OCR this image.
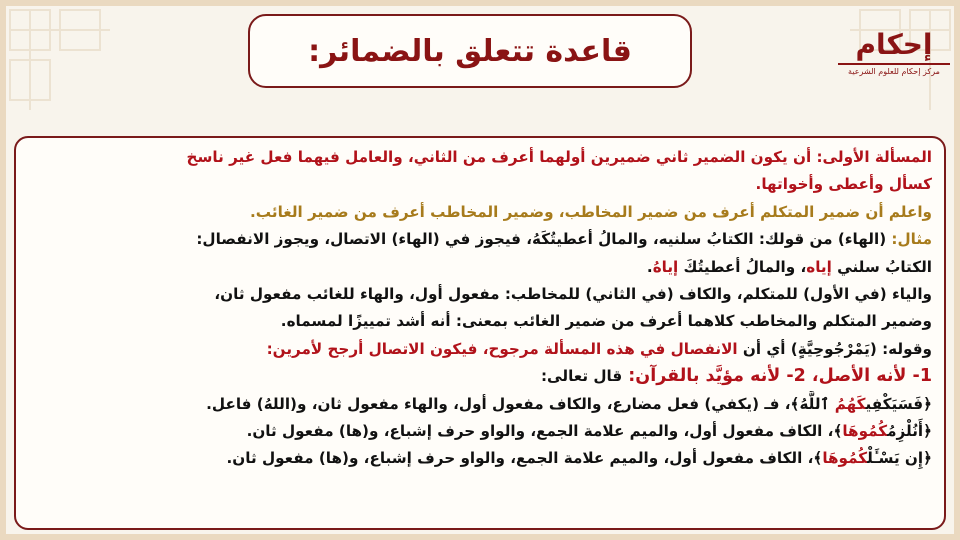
قاعدة تتعلق بالضمائر:	إحكام
مركز إحكام للعلوم الشرعية
المسألة الأولى: أن يكون الضمير ثاني ضميرين أولهما أعرف من الثاني، والعامل فيهما فعل غير ناسخ
كسأل وأعطى وأخواتها.
واعلم أن ضمير المتكلم أعرف من ضمير المخاطب، وضمير المخاطب أعرف من ضمير الغائب.
مثال: (الهاء) من قولك: الكتابُ سلنيه، والمالُ أعطيتُكَهُ، فيجوز في (الهاء) الاتصال، ويجوز الانفصال:
الكتابُ سلني إياه، والمالُ أعطيتُكَ إياهُ.
والياء (في الأول) للمتكلم، والكاف (في الثاني) للمخاطب: مفعول أول، والهاء للغائب مفعول ثان،
وضمير المتكلم والمخاطب كلاهما أعرف من ضمير الغائب بمعنى: أنه أشد تمييزًا لمسماه.
وقوله: (يَمْرْجُوحِيَّةٍ) أي أن الانفصال في هذه المسألة مرجوح، فيكون الاتصال أرجح لأمرين:
1- لأنه الأصل، 2- لأنه مؤيَّد بالقرآن: قال تعالى:
﴿فَسَيَكْفِيكَهُمُ ٱللَّهُ﴾، فـ (يكفي) فعل مضارع، والكاف مفعول أول، والهاء مفعول ثان، و(اللهُ) فاعل.
﴿أَنُلْزِمُكُمُوهَا﴾، الكاف مفعول أول، والميم علامة الجمع، والواو حرف إشباع، و(ها) مفعول ثان.
﴿إِن يَسْـَٔلْكُمُوهَا﴾، الكاف مفعول أول، والميم علامة الجمع، والواو حرف إشباع، و(ها) مفعول ثان.
